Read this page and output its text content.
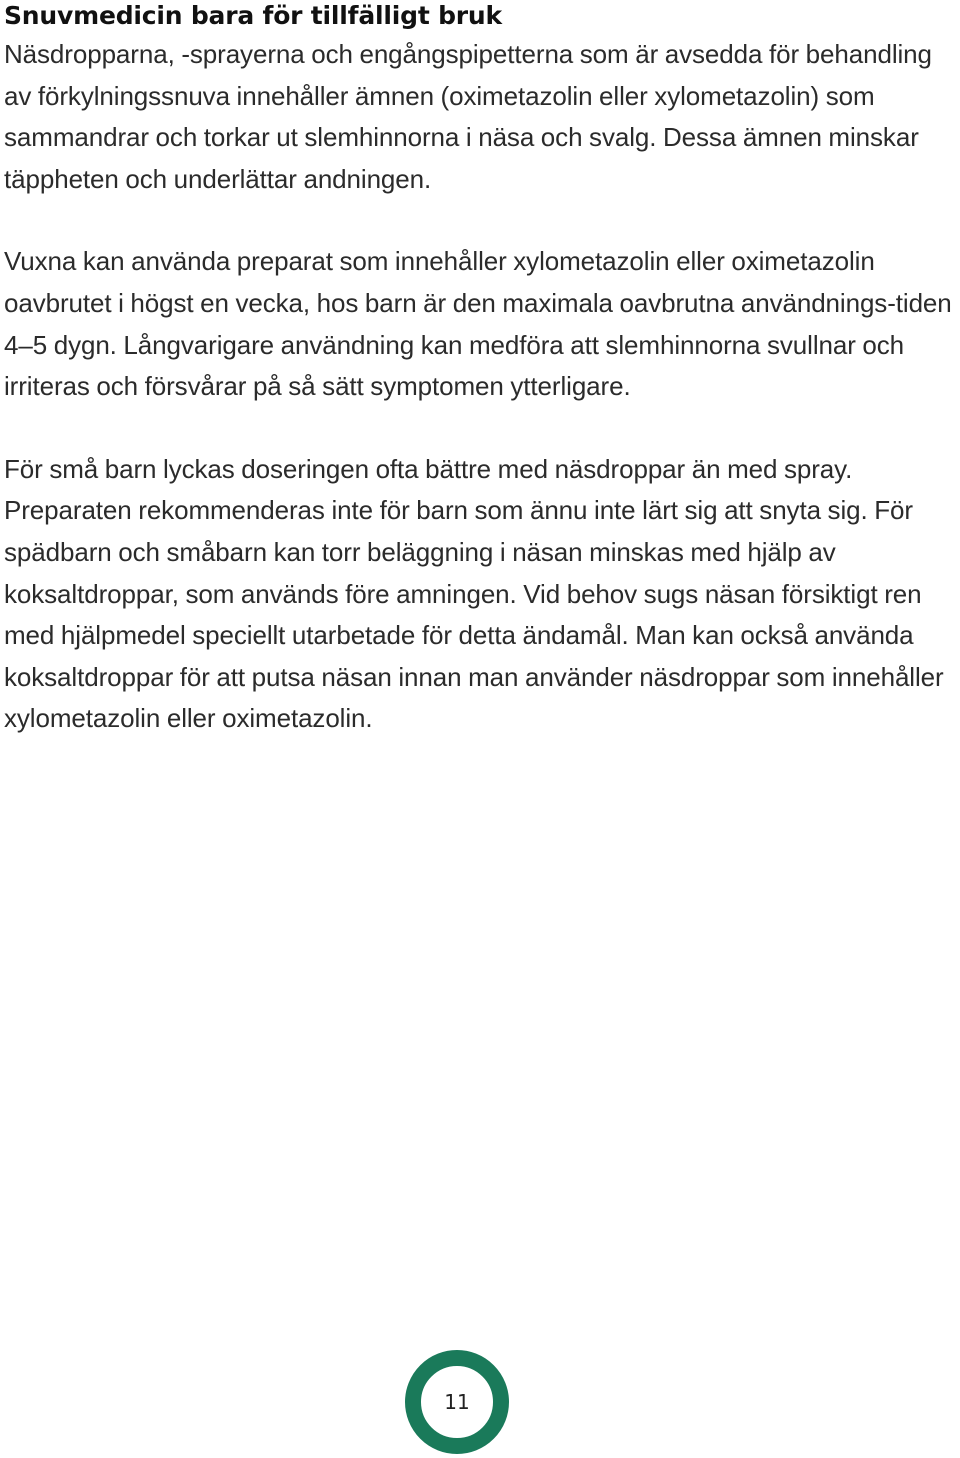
Snuvmedicin bara för tillfälligt bruk

Näsdropparna, -sprayerna och engångspipetterna som är avsedda för behandling av förkylningssnuva innehåller ämnen (oximetazolin eller xylometazolin) som sammandrar och torkar ut slemhinnorna i näsa och svalg. Dessa ämnen minskar täppheten och underlättar andningen.

Vuxna kan använda preparat som innehåller xylometazolin eller oximetazolin oavbrutet i högst en vecka, hos barn är den maximala oavbrutna användnings-tiden 4–5 dygn. Långvarigare användning kan medföra att slemhinnorna svullnar och irriteras och försvårar på så sätt symptomen ytterligare.

För små barn lyckas doseringen ofta bättre med näsdroppar än med spray. Preparaten rekommenderas inte för barn som ännu inte lärt sig att snyta sig. För spädbarn och småbarn kan torr beläggning i näsan minskas med hjälp av koksaltdroppar, som används före amningen. Vid behov sugs näsan försiktigt ren med hjälpmedel speciellt utarbetade för detta ändamål. Man kan också använda koksaltdroppar för att putsa näsan innan man använder näsdroppar som innehåller xylometazolin eller oximetazolin.

11
